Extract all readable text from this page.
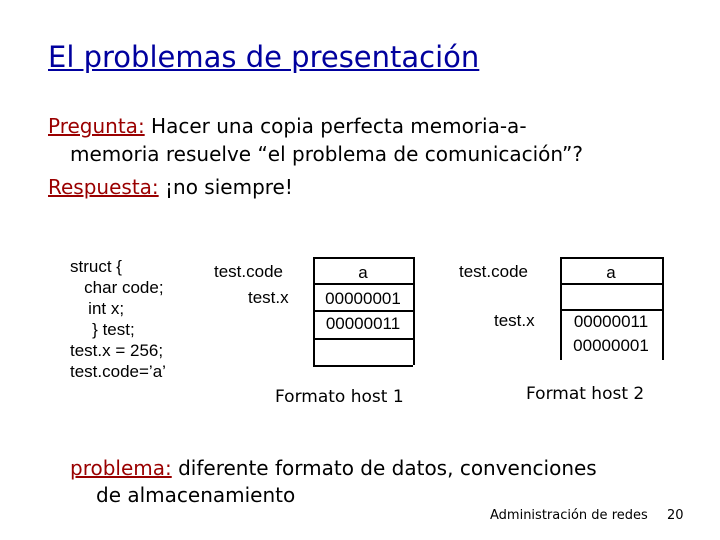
El problemas de presentación
Pregunta: Hacer una copia perfecta memoria-a-
memoria resuelve “el problema de comunicación”?
Respuesta: ¡no siempre!
struct {
char code;
int x;
} test;
test.x = 256;
test.code=’a’
test.code
test.x
a
00000001
00000011
Formato host 1
test.code
test.x
a
00000011
00000001
Format host 2
problema: diferente formato de datos, convenciones
de almacenamiento
Administración de redes 20
